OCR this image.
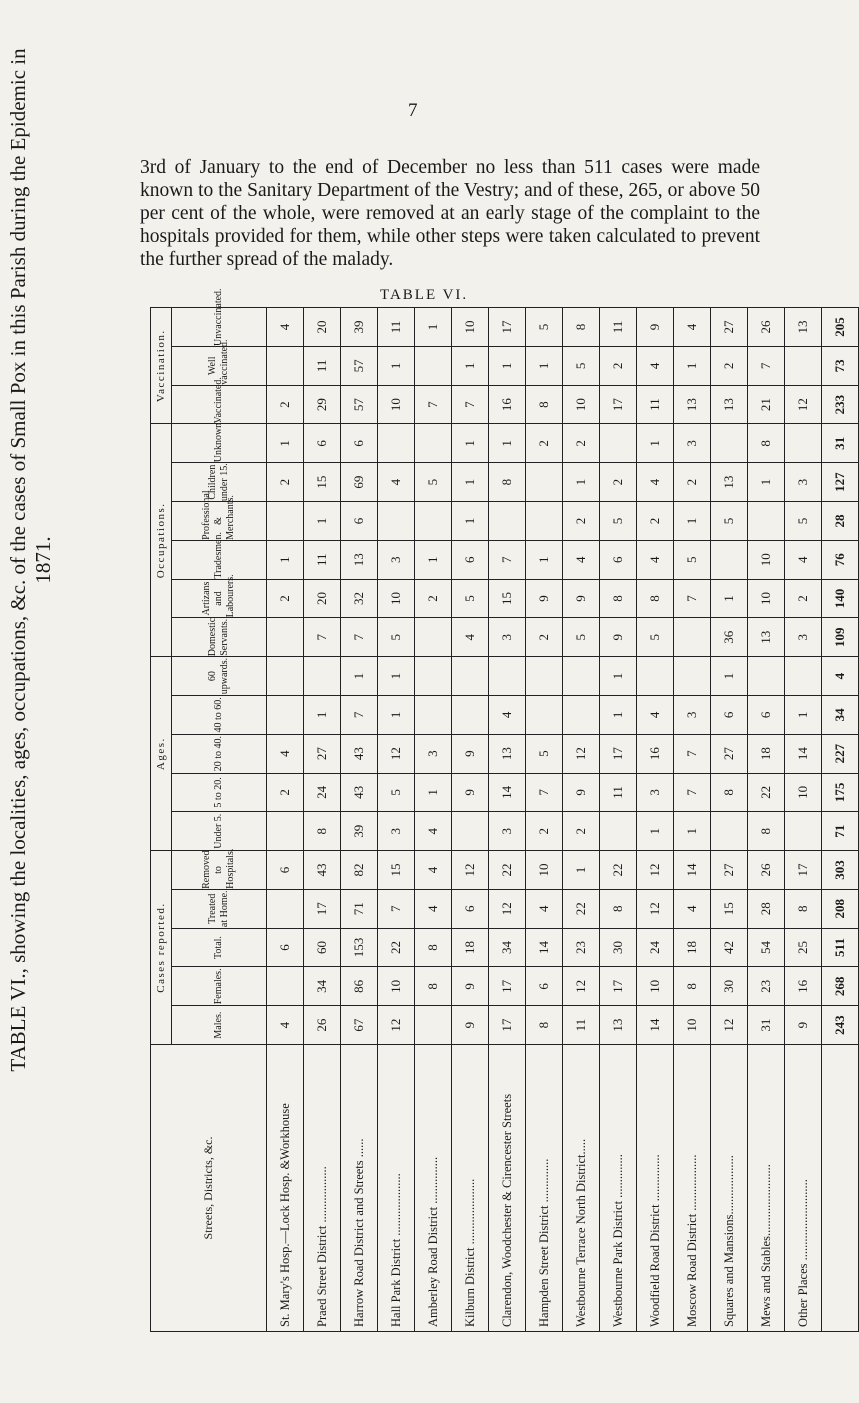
TABLE VI., showing the localities, ages, occupations, &c. of the cases of Small Pox in this Parish during the Epidemic in 1871.
7
3rd of January to the end of December no less than 511 cases were made known to the Sanitary Department of the Vestry; and of these, 265, or above 50 per cent of the whole, were removed at an early stage of the complaint to the hospitals provided for them, while other steps were taken calculated to prevent the further spread of the malady.
TABLE VI.
Streets, Districts, &c.	Cases reported.					Ages.					Occupations.						Vaccination.		
	Males.	Females.	Total.	Treated at Home.	Removed to Hospitals.	Under 5.	5 to 20.	20 to 40.	40 to 60.	60 upwards.	Domestic Servants.	Artizans and Labourers.	Tradesmen.	Professional & Merchants.	Children under 15.	Unknown.	Vaccinated.	Well vaccinated.	Unvaccinated.
St. Mary's Hosp.—Lock Hosp. &Workhouse	4		6		6		2	4				2	1		2	1	2		4
Praed Street District ..................	26	34	60	17	43	8	24	27	1		7	20	11	1	15	6	29	11	20
Harrow Road District and Streets ......	67	86	153	71	82	39	43	43	7	1	7	32	13	6	69	6	57	57	39
Hall Park District ....................	12	10	22	7	15	3	5	12	1	1	5	10	3		4		10	1	11
Amberley Road District ...............		8	8	4	4	4	1	3				2	1		5		7		1
Kilburn District .....................	9	9	18	6	12		9	9			4	5	6	1	1	1	7	1	10
Clarendon, Woodchester & Cirencester Streets	17	17	34	12	22	3	14	13	4		3	15	7		8	1	16	1	17
Hampden Street District ..............	8	6	14	4	10	2	7	5			2	9	1			2	8	1	5
Westbourne Terrace North District.....	11	12	23	22	1	2	9	12			5	9	4	2	1	2	10	5	8
Westbourne Park District ..............	13	17	30	8	22		11	17	1	1	9	8	6	5	2		17	2	11
Woodfield Road District ...............	14	10	24	12	12	1	3	16	4		5	8	4	2	4	1	11	4	9
Moscow Road District ..................	10	8	18	4	14	1	7	7	3			7	5	1	2	3	13	1	4
Squares and Mansions...................	12	30	42	15	27		8	27	6	1	36	1		5	13		13	2	27
Mews and Stables.......................	31	23	54	28	26	8	22	18	6		13	10	10		1	8	21	7	26
Other Places ..........................	9	16	25	8	17		10	14	1		3	2	4	5	3		12		13
	243	268	511	208	303	71	175	227	34	4	109	140	76	28	127	31	233	73	205
